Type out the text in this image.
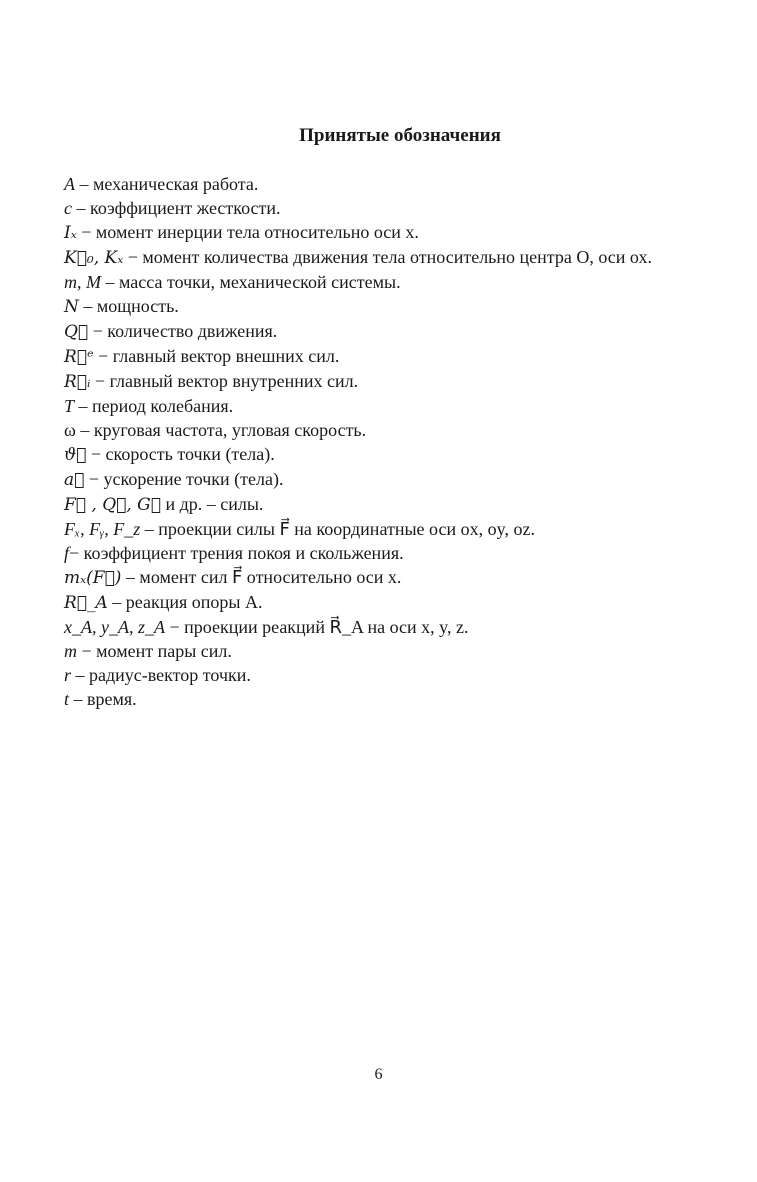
Принятые обозначения

A – механическая работа.

c – коэффициент жесткости.

Iₓ − момент инерции тела относительно оси x.

K⃗₀, Kₓ − момент количества движения тела относительно центра О, оси ох.

m, M – масса точки, механической системы.

N – мощность.

Q⃗ − количество движения.

R⃗ᵉ − главный вектор внешних сил.

R⃗ᵢ − главный вектор внутренних сил.

T – период колебания.

ω – круговая частота, угловая скорость.

ϑ⃗ − скорость точки (тела).

a⃗ − ускорение точки (тела).

F⃗ , Q⃗, G⃗ и др. – силы.

Fₓ, Fᵧ, F_z – проекции силы F⃗ на координатные оси ox, oy, oz.

f− коэффициент трения покоя и скольжения.

mₓ(F⃗) – момент сил F⃗ относительно оси x.

R⃗_A – реакция опоры А.

x_A, y_A, z_A − проекции реакций R⃗_A на оси x, y, z.

m − момент пары сил.

r – радиус-вектор точки.

t – время.

6
